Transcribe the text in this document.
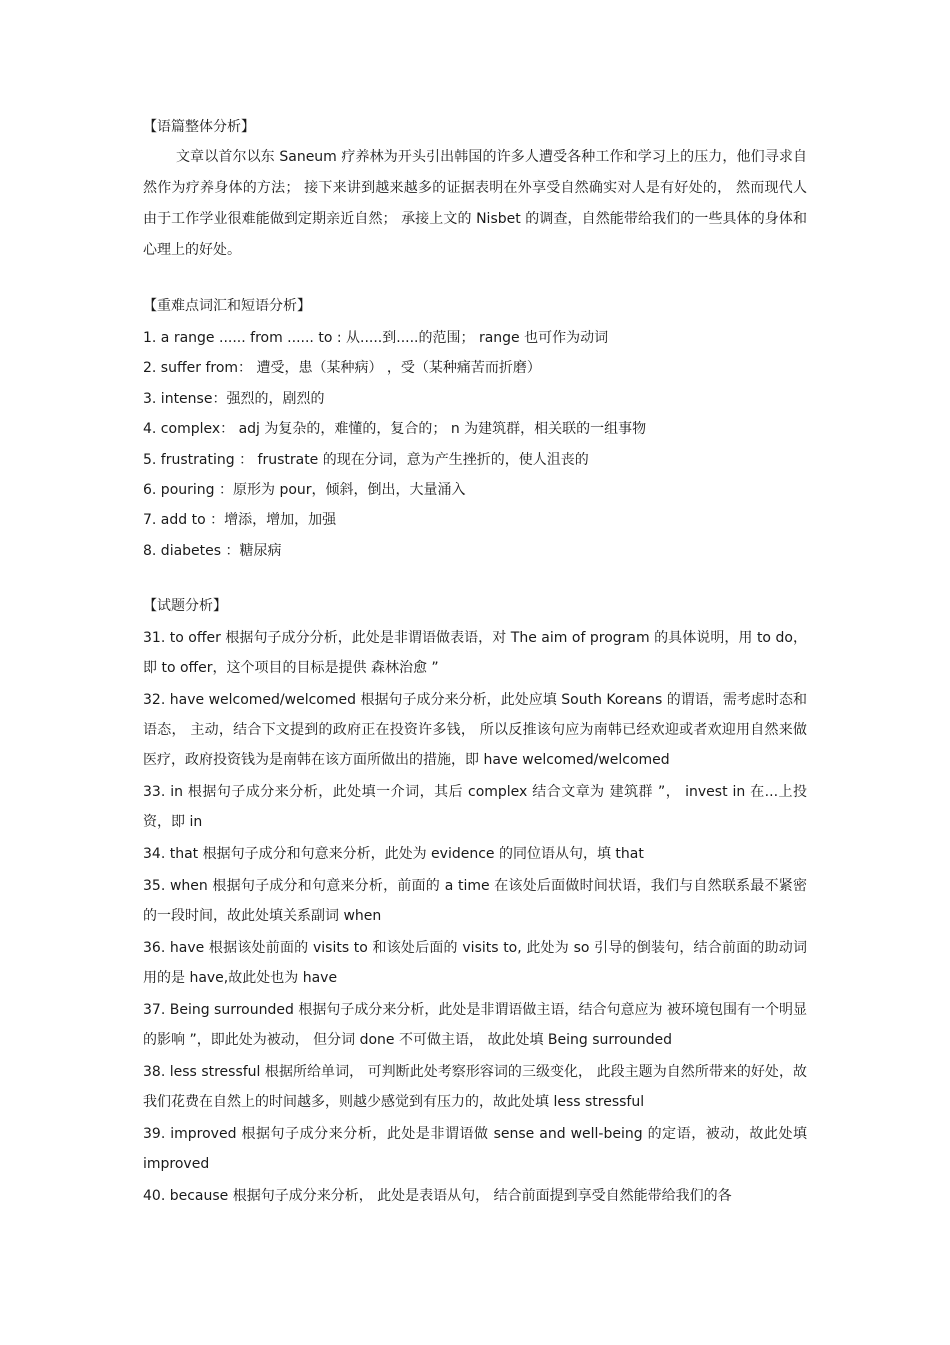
【语篇整体分析】

文章以首尔以东 Saneum 疗养林为开头引出韩国的许多人遭受各种工作和学习上的压力，他们寻求自然作为疗养身体的方法； 接下来讲到越来越多的证据表明在外享受自然确实对人是有好处的， 然而现代人由于工作学业很难能做到定期亲近自然； 承接上文的 Nisbet 的调查，自然能带给我们的一些具体的身体和心理上的好处。

【重难点词汇和短语分析】
1. a range ...... from ...... to : 从.....到.....的范围； range 也可作为动词
2. suffer from： 遭受，患（某种病） ，受（某种痛苦而折磨）
3. intense：强烈的，剧烈的
4. complex： adj 为复杂的，难懂的，复合的； n 为建筑群，相关联的一组事物
5. frustrating ： frustrate 的现在分词，意为产生挫折的，使人沮丧的
6. pouring ：原形为 pour，倾斜，倒出，大量涌入
7. add to ：增添，增加，加强
8. diabetes ：糖尿病
【试题分析】
31. to offer 根据句子成分分析，此处是非谓语做表语，对 The aim of program 的具体说明，用 to do，即 to offer，这个项目的目标是提供 森林治愈 ”
32. have welcomed/welcomed 根据句子成分来分析，此处应填 South Koreans 的谓语，需考虑时态和语态， 主动，结合下文提到的政府正在投资许多钱， 所以反推该句应为南韩已经欢迎或者欢迎用自然来做医疗，政府投资钱为是南韩在该方面所做出的措施，即 have welcomed/welcomed
33. in 根据句子成分来分析，此处填一介词，其后 complex 结合文章为 建筑群 ”， invest in 在...上投资，即 in
34. that 根据句子成分和句意来分析，此处为 evidence 的同位语从句，填 that
35. when 根据句子成分和句意来分析，前面的 a time 在该处后面做时间状语，我们与自然联系最不紧密的一段时间，故此处填关系副词 when
36. have 根据该处前面的 visits to 和该处后面的 visits to, 此处为 so 引导的倒装句，结合前面的助动词用的是 have,故此处也为 have
37. Being surrounded 根据句子成分来分析，此处是非谓语做主语，结合句意应为 被环境包围有一个明显的影响 ”，即此处为被动， 但分词 done 不可做主语， 故此处填 Being surrounded
38. less stressful 根据所给单词， 可判断此处考察形容词的三级变化， 此段主题为自然所带来的好处，故我们花费在自然上的时间越多，则越少感觉到有压力的，故此处填 less stressful
39. improved 根据句子成分来分析，此处是非谓语做 sense and well-being 的定语，被动，故此处填 improved
40. because 根据句子成分来分析， 此处是表语从句， 结合前面提到享受自然能带给我们的各
